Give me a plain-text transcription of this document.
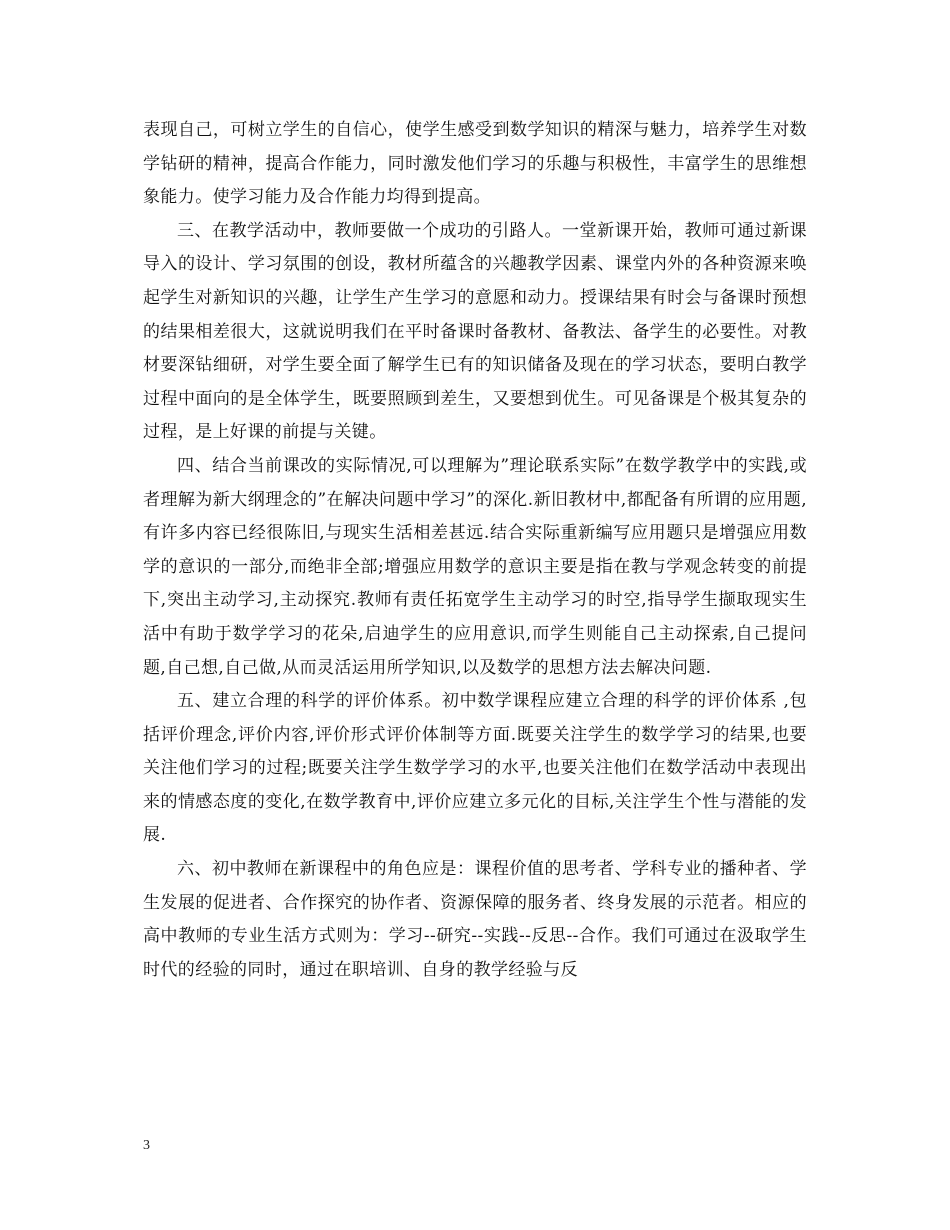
表现自己，可树立学生的自信心，使学生感受到数学知识的精深与魅力，培养学生对数学钻研的精神，提高合作能力，同时激发他们学习的乐趣与积极性，丰富学生的思维想象能力。使学习能力及合作能力均得到提高。

三、在教学活动中，教师要做一个成功的引路人。一堂新课开始，教师可通过新课导入的设计、学习氛围的创设，教材所蕴含的兴趣教学因素、课堂内外的各种资源来唤起学生对新知识的兴趣，让学生产生学习的意愿和动力。授课结果有时会与备课时预想的结果相差很大，这就说明我们在平时备课时备教材、备教法、备学生的必要性。对教材要深钻细研，对学生要全面了解学生已有的知识储备及现在的学习状态，要明白教学过程中面向的是全体学生，既要照顾到差生，又要想到优生。可见备课是个极其复杂的过程，是上好课的前提与关键。

四、结合当前课改的实际情况,可以理解为”理论联系实际”在数学教学中的实践,或者理解为新大纲理念的”在解决问题中学习”的深化.新旧教材中,都配备有所谓的应用题,有许多内容已经很陈旧,与现实生活相差甚远.结合实际重新编写应用题只是增强应用数学的意识的一部分,而绝非全部;增强应用数学的意识主要是指在教与学观念转变的前提下,突出主动学习,主动探究.教师有责任拓宽学生主动学习的时空,指导学生撷取现实生活中有助于数学学习的花朵,启迪学生的应用意识,而学生则能自己主动探索,自己提问题,自己想,自己做,从而灵活运用所学知识,以及数学的思想方法去解决问题.

五、建立合理的科学的评价体系。初中数学课程应建立合理的科学的评价体系 ,包括评价理念,评价内容,评价形式评价体制等方面.既要关注学生的数学学习的结果,也要关注他们学习的过程;既要关注学生数学学习的水平,也要关注他们在数学活动中表现出来的情感态度的变化,在数学教育中,评价应建立多元化的目标,关注学生个性与潜能的发展.

六、初中教师在新课程中的角色应是：课程价值的思考者、学科专业的播种者、学生发展的促进者、合作探究的协作者、资源保障的服务者、终身发展的示范者。相应的高中教师的专业生活方式则为：学习--研究--实践--反思--合作。我们可通过在汲取学生时代的经验的同时，通过在职培训、自身的教学经验与反

3
